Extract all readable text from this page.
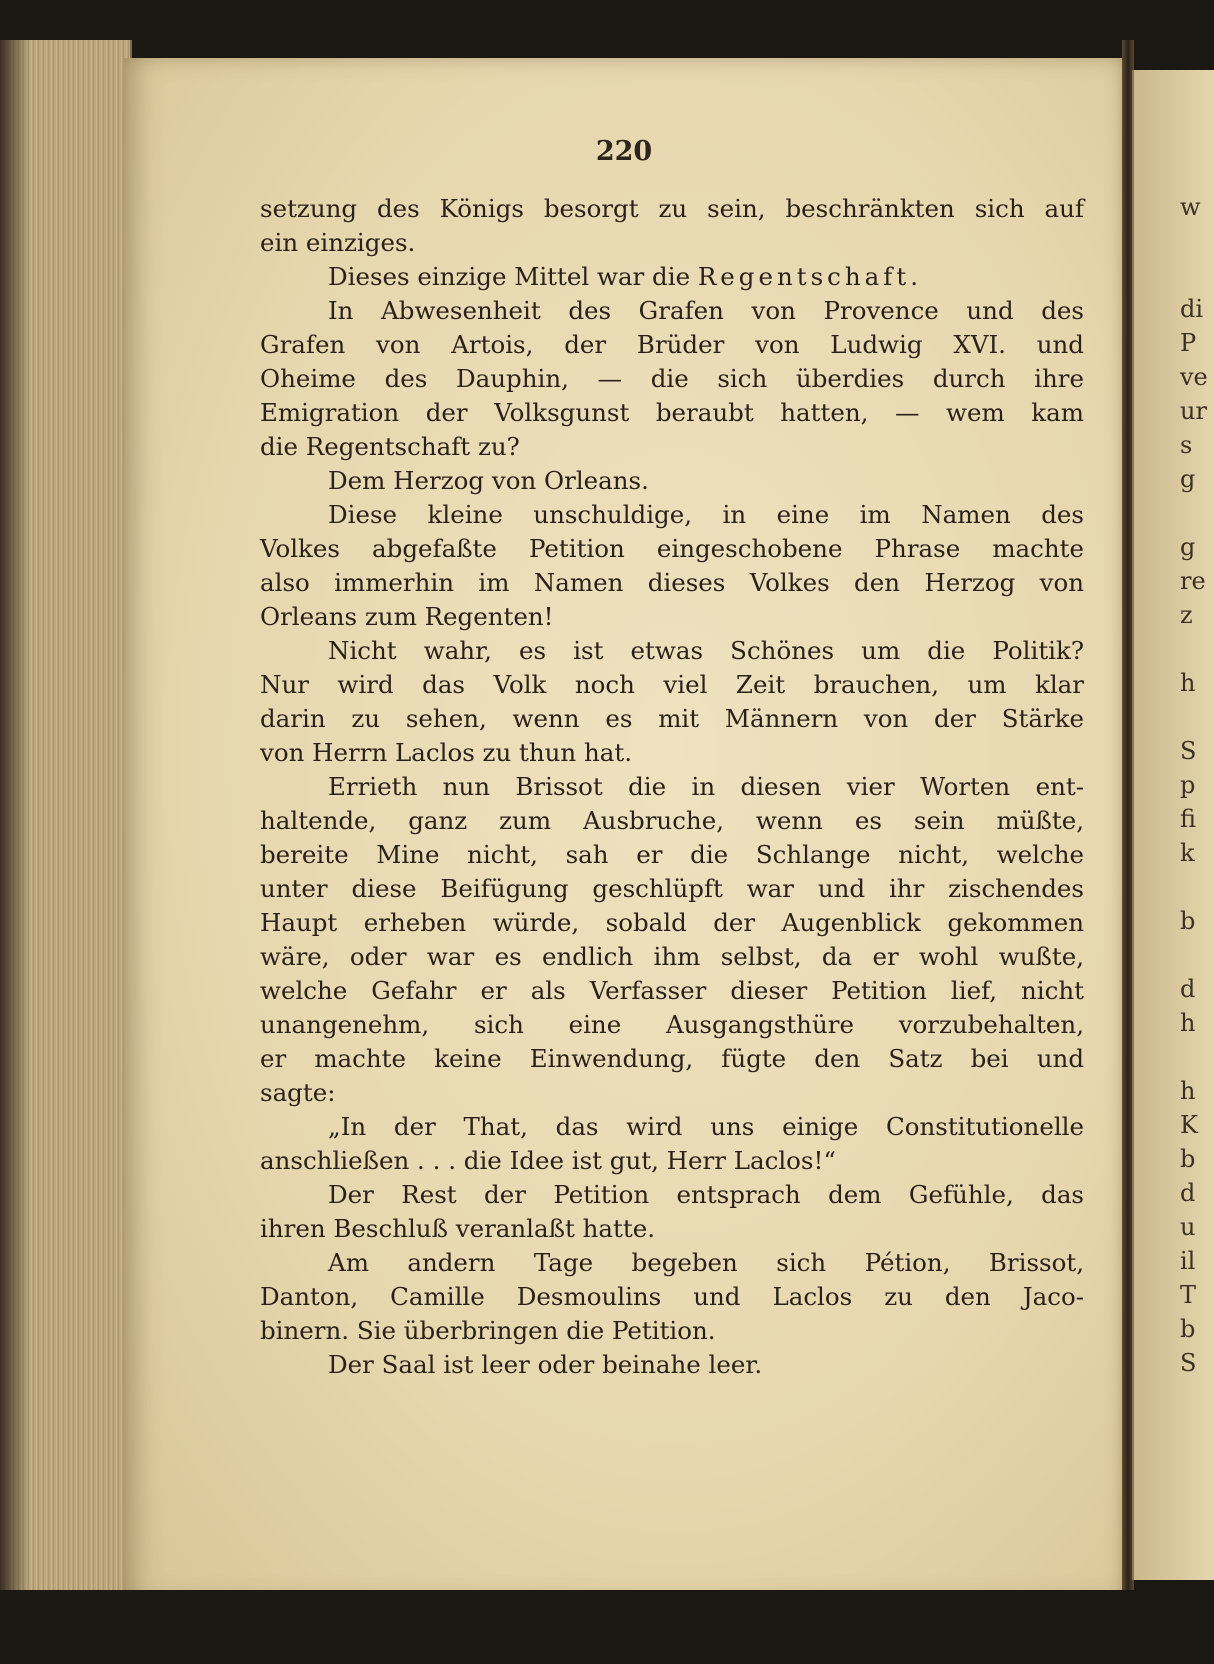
220
setzung des Königs besorgt zu sein, beschränkten sich auf
ein einziges.
Dieses einzige Mittel war die Regentschaft.
In Abwesenheit des Grafen von Provence und des
Grafen von Artois, der Brüder von Ludwig XVI. und
Oheime des Dauphin, — die sich überdies durch ihre
Emigration der Volksgunst beraubt hatten, — wem kam
die Regentschaft zu?
Dem Herzog von Orleans.
Diese kleine unschuldige, in eine im Namen des
Volkes abgefaßte Petition eingeschobene Phrase machte
also immerhin im Namen dieses Volkes den Herzog von
Orleans zum Regenten!
Nicht wahr, es ist etwas Schönes um die Politik?
Nur wird das Volk noch viel Zeit brauchen, um klar
darin zu sehen, wenn es mit Männern von der Stärke
von Herrn Laclos zu thun hat.
Errieth nun Brissot die in diesen vier Worten ent-
haltende, ganz zum Ausbruche, wenn es sein müßte,
bereite Mine nicht, sah er die Schlange nicht, welche
unter diese Beifügung geschlüpft war und ihr zischendes
Haupt erheben würde, sobald der Augenblick gekommen
wäre, oder war es endlich ihm selbst, da er wohl wußte,
welche Gefahr er als Verfasser dieser Petition lief, nicht
unangenehm, sich eine Ausgangsthüre vorzubehalten,
er machte keine Einwendung, fügte den Satz bei und
sagte:
„In der That, das wird uns einige Constitutionelle
anschließen . . . die Idee ist gut, Herr Laclos!“
Der Rest der Petition entsprach dem Gefühle, das
ihren Beschluß veranlaßt hatte.
Am andern Tage begeben sich Pétion, Brissot,
Danton, Camille Desmoulins und Laclos zu den Jaco-
binern. Sie überbringen die Petition.
Der Saal ist leer oder beinahe leer.
w
di
P
ve
ur
s
g
g
re
z
h
S
p
fi
k
b
d
h
h
K
b
d
u
il
T
b
S
